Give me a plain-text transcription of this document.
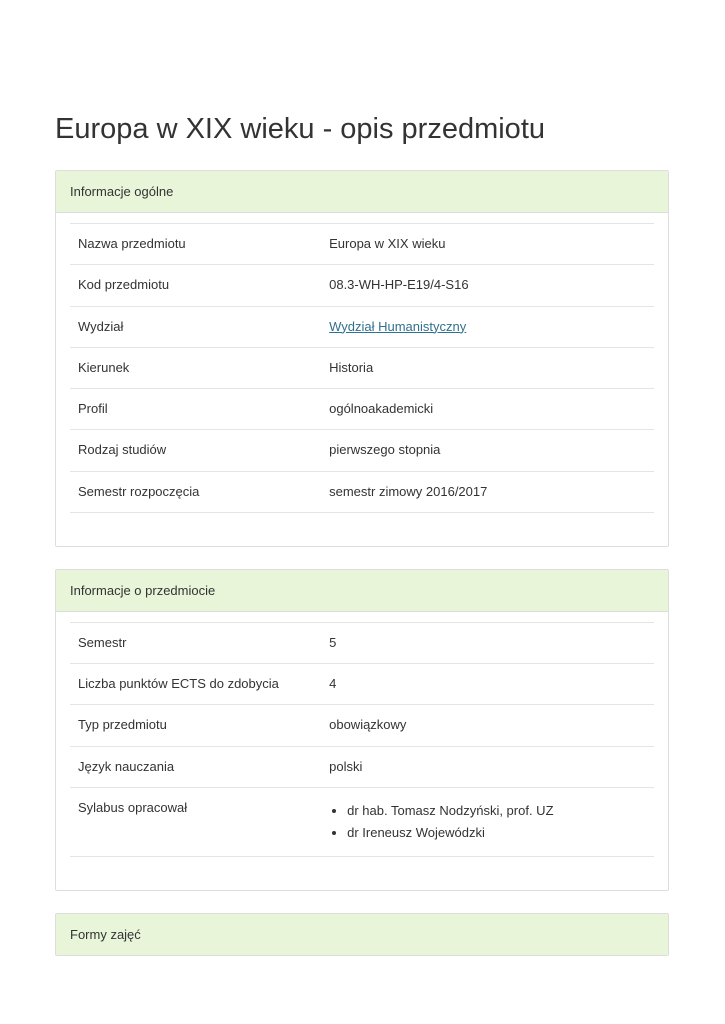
Europa w XIX wieku - opis przedmiotu
Informacje ogólne
Nazwa przedmiotu	Europa w XIX wieku
Kod przedmiotu	08.3-WH-HP-E19/4-S16
Wydział	Wydział Humanistyczny
Kierunek	Historia
Profil	ogólnoakademicki
Rodzaj studiów	pierwszego stopnia
Semestr rozpoczęcia	semestr zimowy 2016/2017
Informacje o przedmiocie
Semestr	5
Liczba punktów ECTS do zdobycia	4
Typ przedmiotu	obowiązkowy
Język nauczania	polski
Sylabus opracował	
•dr hab. Tomasz Nodzyński, prof. UZ
• dr Ireneusz Wojewódzki
Formy zajęć
